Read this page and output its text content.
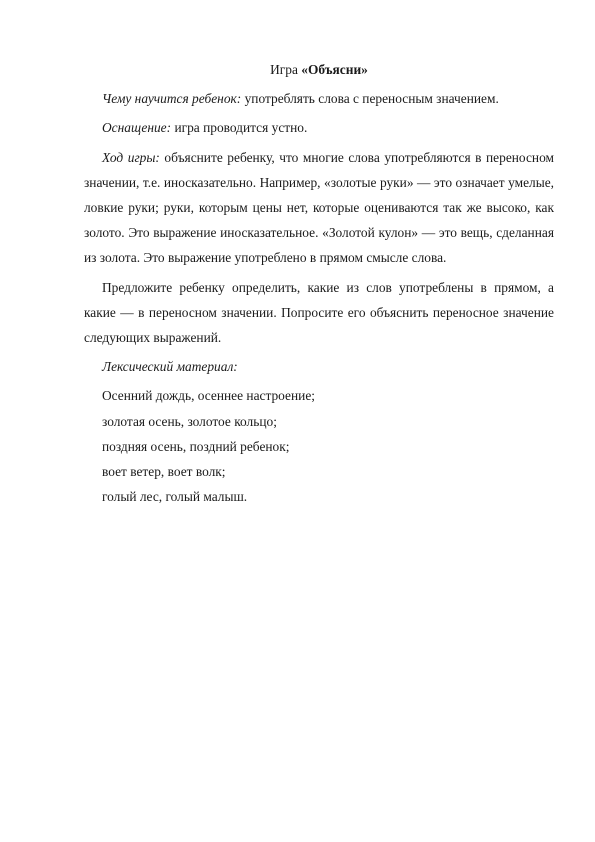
Игра «Объясни»

Чему научится ребенок: употреблять слова с переносным значением.

Оснащение: игра проводится устно.

Ход игры: объясните ребенку, что многие слова употребляются в переносном значении, т.е. иносказательно. Например, «золотые руки» — это означает умелые, ловкие руки; руки, которым цены нет, которые оцениваются так же высоко, как золото. Это выражение иносказательное. «Золотой кулон» — это вещь, сделанная из золота. Это выражение употреблено в прямом смысле слова.

Предложите ребенку определить, какие из слов употреблены в прямом, а какие — в переносном значении. Попросите его объяснить переносное значение следующих выражений.

Лексический материал:

Осенний дождь, осеннее настроение;
золотая осень, золотое кольцо;
поздняя осень, поздний ребенок;
воет ветер, воет волк;
голый лес, голый малыш.
